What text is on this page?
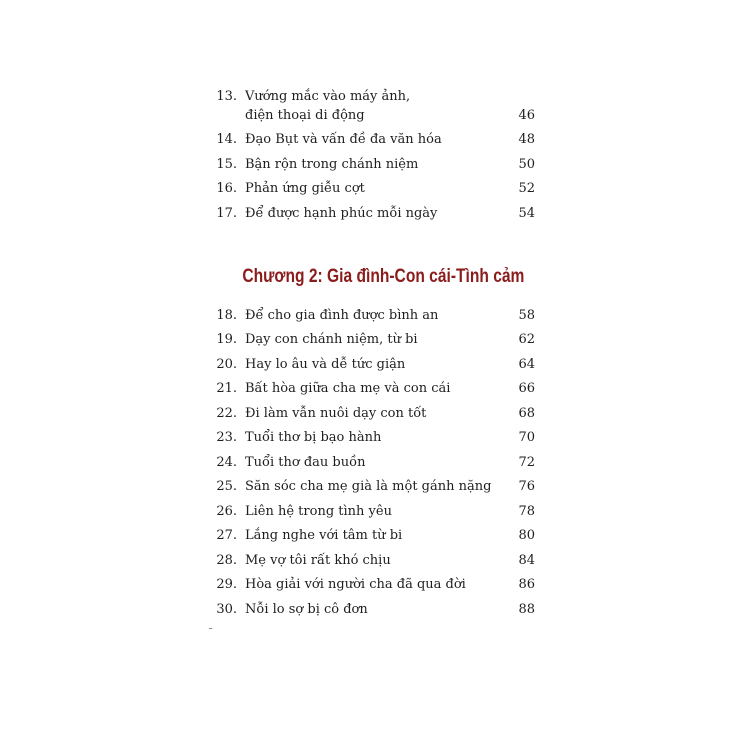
13. Vướng mắc vào máy ảnh,
điện thoại di động	46
14. Đạo Bụt và vấn đề đa văn hóa	48
15. Bận rộn trong chánh niệm	50
16. Phản ứng giễu cợt	52
17. Để được hạnh phúc mỗi ngày	54
Chương 2: Gia đình-Con cái-Tình cảm
18. Để cho gia đình được bình an	58
19. Dạy con chánh niệm, từ bi	62
20. Hay lo âu và dễ tức giận	64
21. Bất hòa giữa cha mẹ và con cái	66
22. Đi làm vẫn nuôi dạy con tốt	68
23. Tuổi thơ bị bạo hành	70
24. Tuổi thơ đau buồn	72
25. Săn sóc cha mẹ già là một gánh nặng	76
26. Liên hệ trong tình yêu	78
27. Lắng nghe với tâm từ bi	80
28. Mẹ vợ tôi rất khó chịu	84
29. Hòa giải với người cha đã qua đời	86
30. Nỗi lo sợ bị cô đơn	88
